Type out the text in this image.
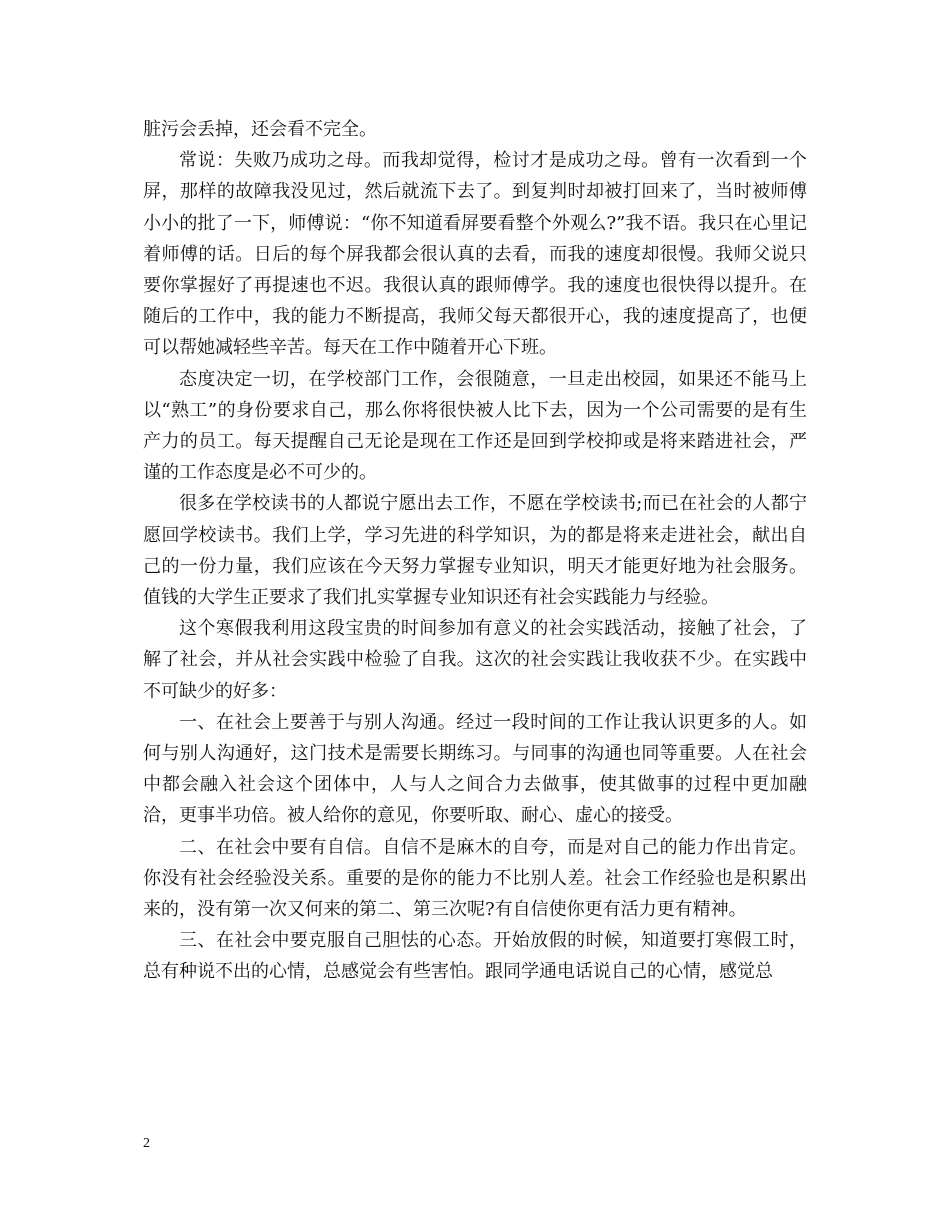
脏污会丢掉，还会看不完全。

常说：失败乃成功之母。而我却觉得，检讨才是成功之母。曾有一次看到一个屏，那样的故障我没见过，然后就流下去了。到复判时却被打回来了，当时被师傅小小的批了一下，师傅说：“你不知道看屏要看整个外观么?”我不语。我只在心里记着师傅的话。日后的每个屏我都会很认真的去看，而我的速度却很慢。我师父说只要你掌握好了再提速也不迟。我很认真的跟师傅学。我的速度也很快得以提升。在随后的工作中，我的能力不断提高，我师父每天都很开心，我的速度提高了，也便可以帮她减轻些辛苦。每天在工作中随着开心下班。

态度决定一切，在学校部门工作，会很随意，一旦走出校园，如果还不能马上以“熟工”的身份要求自己，那么你将很快被人比下去，因为一个公司需要的是有生产力的员工。每天提醒自己无论是现在工作还是回到学校抑或是将来踏进社会，严谨的工作态度是必不可少的。

很多在学校读书的人都说宁愿出去工作，不愿在学校读书;而已在社会的人都宁愿回学校读书。我们上学，学习先进的科学知识，为的都是将来走进社会，献出自己的一份力量，我们应该在今天努力掌握专业知识，明天才能更好地为社会服务。值钱的大学生正要求了我们扎实掌握专业知识还有社会实践能力与经验。

这个寒假我利用这段宝贵的时间参加有意义的社会实践活动，接触了社会，了解了社会，并从社会实践中检验了自我。这次的社会实践让我收获不少。在实践中不可缺少的好多：

一、在社会上要善于与别人沟通。经过一段时间的工作让我认识更多的人。如何与别人沟通好，这门技术是需要长期练习。与同事的沟通也同等重要。人在社会中都会融入社会这个团体中，人与人之间合力去做事，使其做事的过程中更加融洽，更事半功倍。被人给你的意见，你要听取、耐心、虚心的接受。

二、在社会中要有自信。自信不是麻木的自夸，而是对自己的能力作出肯定。你没有社会经验没关系。重要的是你的能力不比别人差。社会工作经验也是积累出来的，没有第一次又何来的第二、第三次呢?有自信使你更有活力更有精神。

三、在社会中要克服自己胆怯的心态。开始放假的时候，知道要打寒假工时，总有种说不出的心情，总感觉会有些害怕。跟同学通电话说自己的心情，感觉总

2
